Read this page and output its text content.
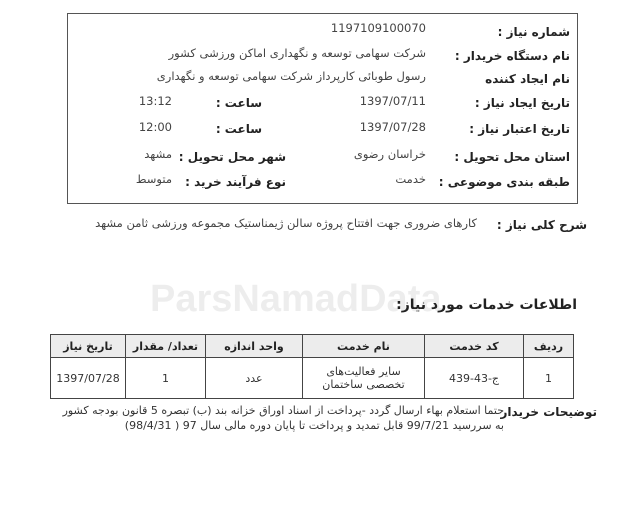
ParsNamadData
شماره نیاز :
1197109100070
نام دستگاه خریدار :
شرکت سهامی توسعه و نگهداری اماکن ورزشی کشور
نام ایجاد کننده
رسول طوبائی کارپرداز شرکت سهامی توسعه و نگهداری
تاریخ ایجاد نیاز :
1397/07/11
ساعت :
13:12
تاریخ اعتبار نیاز :
1397/07/28
ساعت :
12:00
استان محل تحویل :
خراسان رضوی
شهر محل تحویل :
مشهد
طبقه بندی موضوعی :
خدمت
نوع فرآیند خرید :
متوسط
شرح کلی نیاز :
کارهای ضروری جهت افتتاح پروژه سالن ژیمناستیک مجموعه ورزشی ثامن مشهد
اطلاعات خدمات مورد نیاز:
ردیف	کد خدمت	نام خدمت	واحد اندازه	تعداد/ مقدار	تاریخ نیاز
1	ج-43-439	سایر فعالیت‌های تخصصی ساختمان	عدد	1	1397/07/28
توضیحات خریدار
حتما استعلام بهاء ارسال گردد -پرداخت از اسناد اوراق خزانه بند (ب) تبصره 5 قانون بودجه کشور
به سررسید 99/7/21 قابل تمدید و پرداخت تا پایان دوره مالی سال 97 ( 98/4/31)
